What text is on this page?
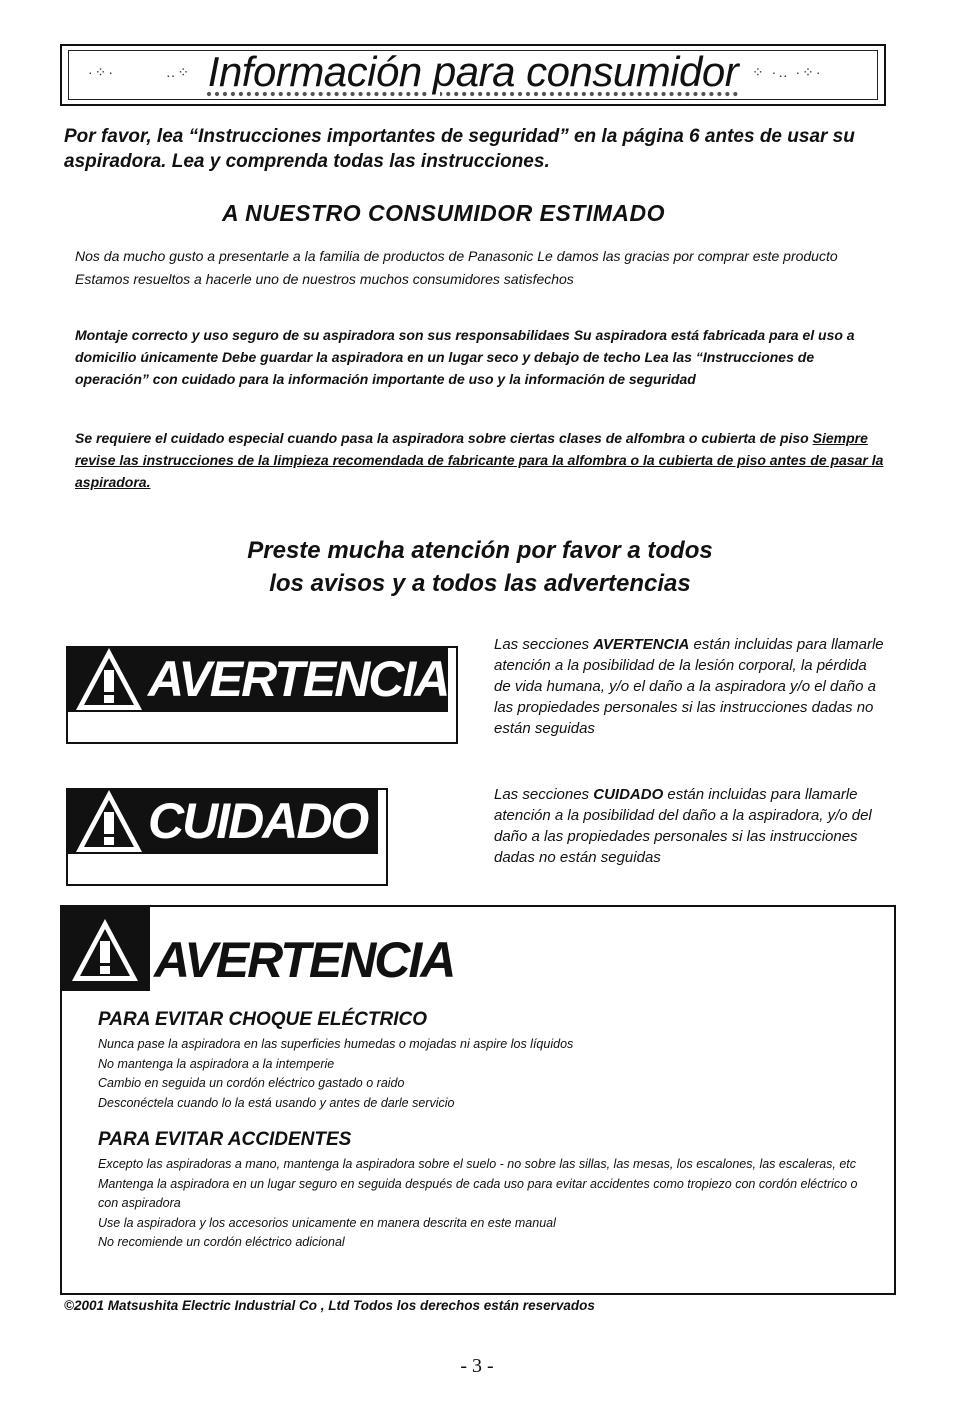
·⁘·	‥⁘	⁘ ·‥ ·⁘·
Información para consumidor

Por favor, lea “Instrucciones importantes de seguridad” en la página 6 antes de usar su aspiradora. Lea y comprenda todas las instrucciones.

A NUESTRO CONSUMIDOR ESTIMADO

Nos da mucho gusto a presentarle a la familia de productos de Panasonic Le damos las gracias por comprar este producto Estamos resueltos a hacerle uno de nuestros muchos consumidores satisfechos

Montaje correcto y uso seguro de su aspiradora son sus responsabilidaes Su aspiradora está fabricada para el uso a domicilio únicamente Debe guardar la aspiradora en un lugar seco y debajo de techo Lea las “Instrucciones de operación” con cuidado para la información importante de uso y la información de seguridad

Se requiere el cuidado especial cuando pasa la aspiradora sobre ciertas clases de alfombra o cubierta de piso Siempre revise las instrucciones de la limpieza recomendada de fabricante para la alfombra o la cubierta de piso antes de pasar la aspiradora.

Preste mucha atención por favor a todos
los avisos y a todos las advertencias
AVERTENCIA
Las secciones AVERTENCIA están incluidas para llamarle atención a la posibilidad de la lesión corporal, la pérdida de vida humana, y/o el daño a la aspiradora y/o el daño a las propiedades personales si las instrucciones dadas no están seguidas
CUIDADO	Las secciones CUIDADO están incluidas para llamarle atención a la posibilidad del daño a la aspiradora, y/o del daño a las propiedades personales si las instrucciones dadas no están seguidas
AVERTENCIA
PARA EVITAR CHOQUE ELÉCTRICO
Nunca pase la aspiradora en las superficies humedas o mojadas ni aspire los líquidos
No mantenga la aspiradora a la intemperie
Cambio en seguida un cordón eléctrico gastado o raido
Desconéctela cuando lo la está usando y antes de darle servicio
PARA EVITAR ACCIDENTES
Excepto las aspiradoras a mano, mantenga la aspiradora sobre el suelo - no sobre las sillas, las mesas, los escalones, las escaleras, etc
Mantenga la aspiradora en un lugar seguro en seguida después de cada uso para evitar accidentes como tropiezo con cordón eléctrico o con aspiradora
Use la aspiradora y los accesorios unicamente en manera descrita en este manual
No recomiende un cordón eléctrico adicional
©2001 Matsushita Electric Industrial Co , Ltd Todos los derechos están reservados
- 3 -
